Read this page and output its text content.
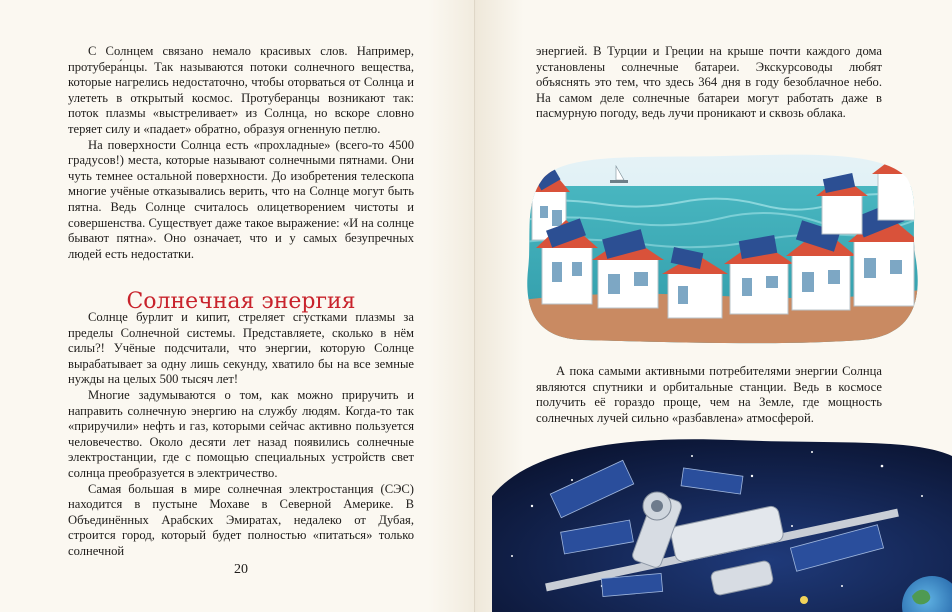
С Солнцем связано немало красивых слов. Например, протубера́нцы. Так называются потоки солнечного вещества, которые нагрелись недостаточно, чтобы оторваться от Солнца и улететь в открытый космос. Протуберанцы возникают так: поток плазмы «выстреливает» из Солнца, но вскоре словно теряет силу и «падает» обратно, образуя огненную петлю.

На поверхности Солнца есть «прохладные» (всего-то 4500 градусов!) места, которые называют солнечными пятнами. Они чуть темнее остальной поверхности. До изобретения телескопа многие учёные отказывались верить, что на Солнце могут быть пятна. Ведь Солнце считалось олицетворением чистоты и совершенства. Существует даже такое выражение: «И на солнце бывают пятна». Оно означает, что и у самых безупречных людей есть недостатки.

Солнечная энергия

Солнце бурлит и кипит, стреляет сгустками плазмы за пределы Солнечной системы. Представляете, сколько в нём силы?! Учёные подсчитали, что энергии, которую Солнце вырабатывает за одну лишь секунду, хватило бы на все земные нужды на целых 500 тысяч лет!

Многие задумываются о том, как можно приручить и направить солнечную энергию на службу людям. Когда-то так «приручили» нефть и газ, которыми сейчас активно пользуется человечество. Около десяти лет назад появились солнечные электростанции, где с помощью специальных устройств свет солнца преобразуется в электричество.

Самая большая в мире солнечная электростанция (СЭС) находится в пустыне Мохаве в Северной Америке. В Объединённых Арабских Эмиратах, недалеко от Дубая, строится город, который будет полностью «питаться» только солнечной

20

энергией. В Турции и Греции на крыше почти каждого дома установлены солнечные батареи. Экскурсоводы любят объяснять это тем, что здесь 364 дня в году безоблачное небо. На самом деле солнечные батареи могут работать даже в пасмурную погоду, ведь лучи проникают и сквозь облака.

А пока самыми активными потребителями энергии Солнца являются спутники и орбитальные станции. Ведь в космосе получить её гораздо проще, чем на Земле, где мощность солнечных лучей сильно «разбавлена» атмосферой.
